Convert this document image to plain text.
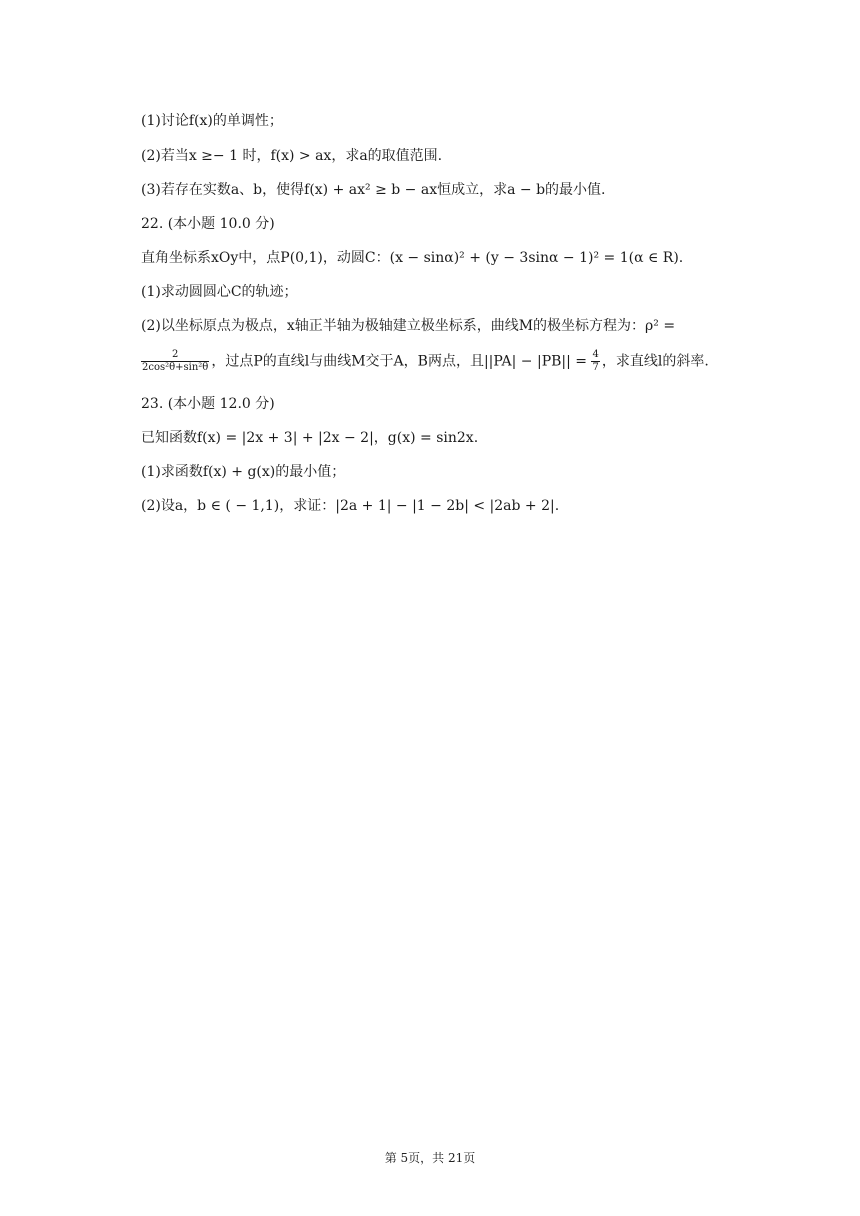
(1)讨论f(x)的单调性；
(2)若当x ≥− 1 时，f(x) > ax，求a的取值范围.
(3)若存在实数a、b，使得f(x) + ax² ≥ b − ax恒成立，求a − b的最小值.
22. (本小题 10.0 分)
直角坐标系xOy中，点P(0,1)，动圆C：(x − sinα)² + (y − 3sinα − 1)² = 1(α ∈ R).
(1)求动圆圆心C的轨迹；
(2)以坐标原点为极点，x轴正半轴为极轴建立极坐标系，曲线M的极坐标方程为：ρ² =
$\frac{2}{\text{2cos²θ+sin²θ}}$ ，过点P的直线l与曲线M交于A，B两点，且$||PA| - |PB|| = \frac{4}{7}$ ，求直线l的斜率.
23. (本小题 12.0 分)
已知函数f(x) = |2x + 3| + |2x − 2|，g(x) = sin2x.
(1)求函数f(x) + g(x)的最小值；
(2)设a，b ∈ ( − 1,1)，求证：|2a + 1| − |1 − 2b| < |2ab + 2|.
第 5页，共 21页
